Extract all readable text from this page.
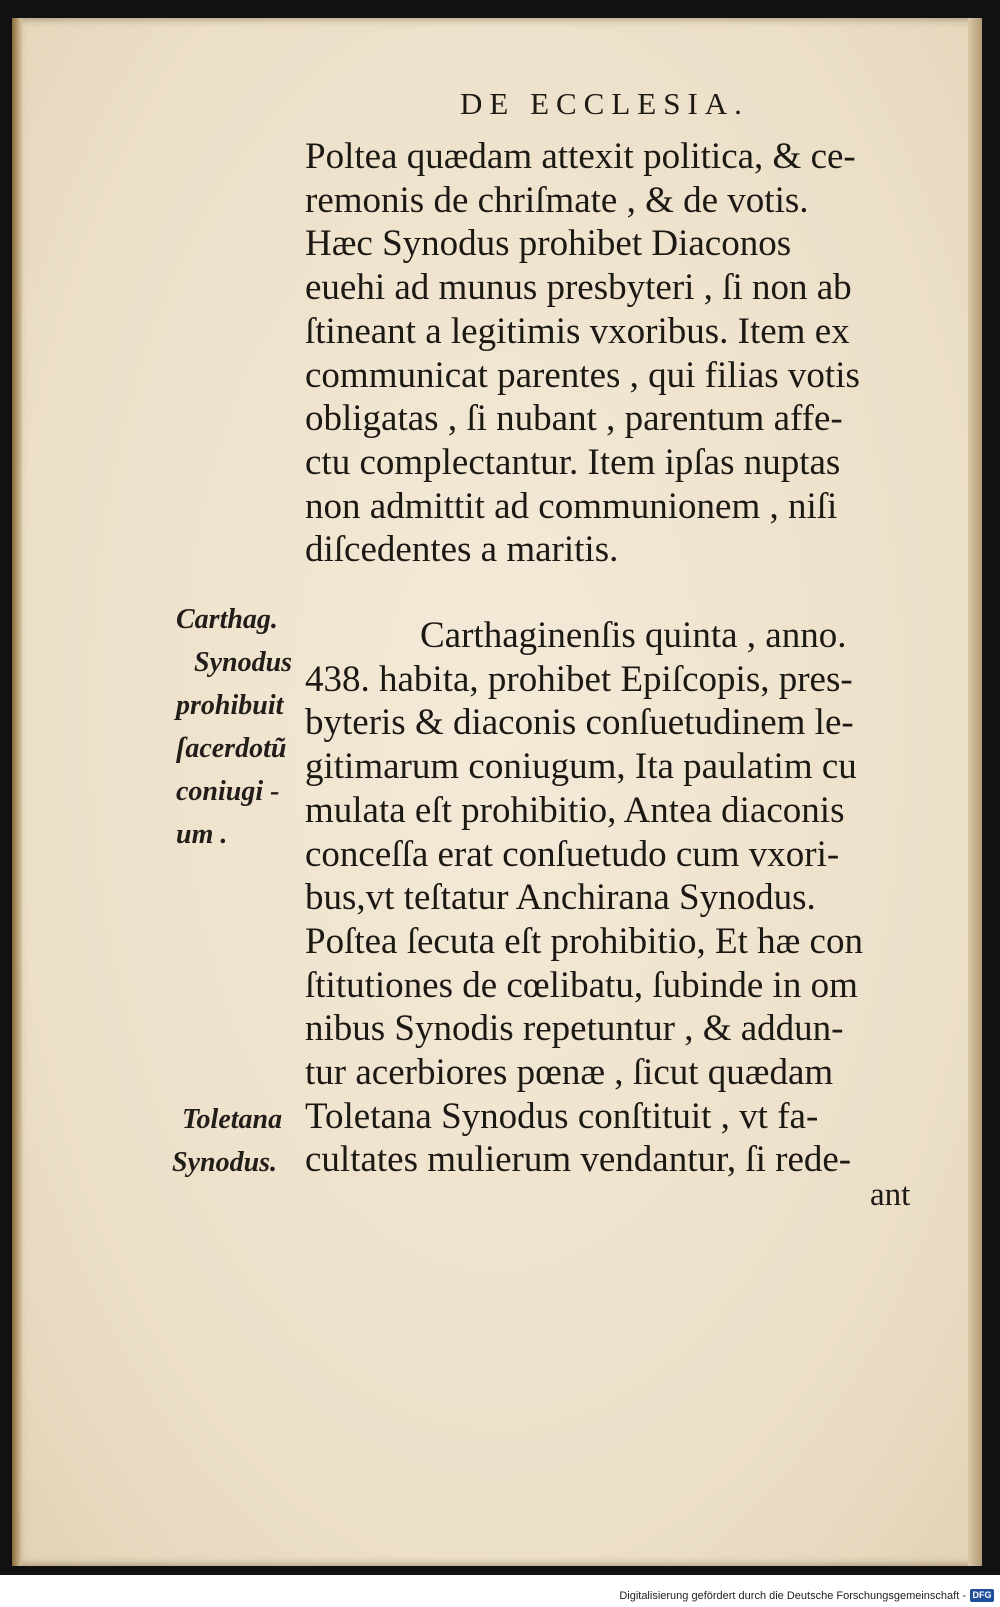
DE ECCLESIA.
Poltea quædam attexit politica, & ce-
remonis de chriſmate , & de votis.
Hæc Synodus prohibet Diaconos
euehi ad munus presbyteri , ſi non ab
ſtineant a legitimis vxoribus. Item ex
communicat parentes , qui filias votis
obligatas , ſi nubant , parentum affe-
ctu complectantur. Item ipſas nuptas
non admittit ad communionem , niſi
diſcedentes a maritis.
Carthaginenſis quinta , anno.
438. habita, prohibet Epiſcopis, pres-
byteris & diaconis conſuetudinem le-
gitimarum coniugum, Ita paulatim cu
mulata eſt prohibitio, Antea diaconis
conceſſa erat conſuetudo cum vxori-
bus,vt teſtatur Anchirana Synodus.
Poſtea ſecuta eſt prohibitio, Et hæ con
ſtitutiones de cœlibatu, ſubinde in om
nibus Synodis repetuntur , & addun-
tur acerbiores pœnæ , ſicut quædam
Toletana Synodus conſtituit , vt fa-
cultates mulierum vendantur, ſi rede-
Carthag.
Synodus
prohibuit
ſacerdotũ
coniugi -
um .
Toletana
Synodus.
ant
Digitalisierung gefördert durch die Deutsche Forschungsgemeinschaft - DFG
